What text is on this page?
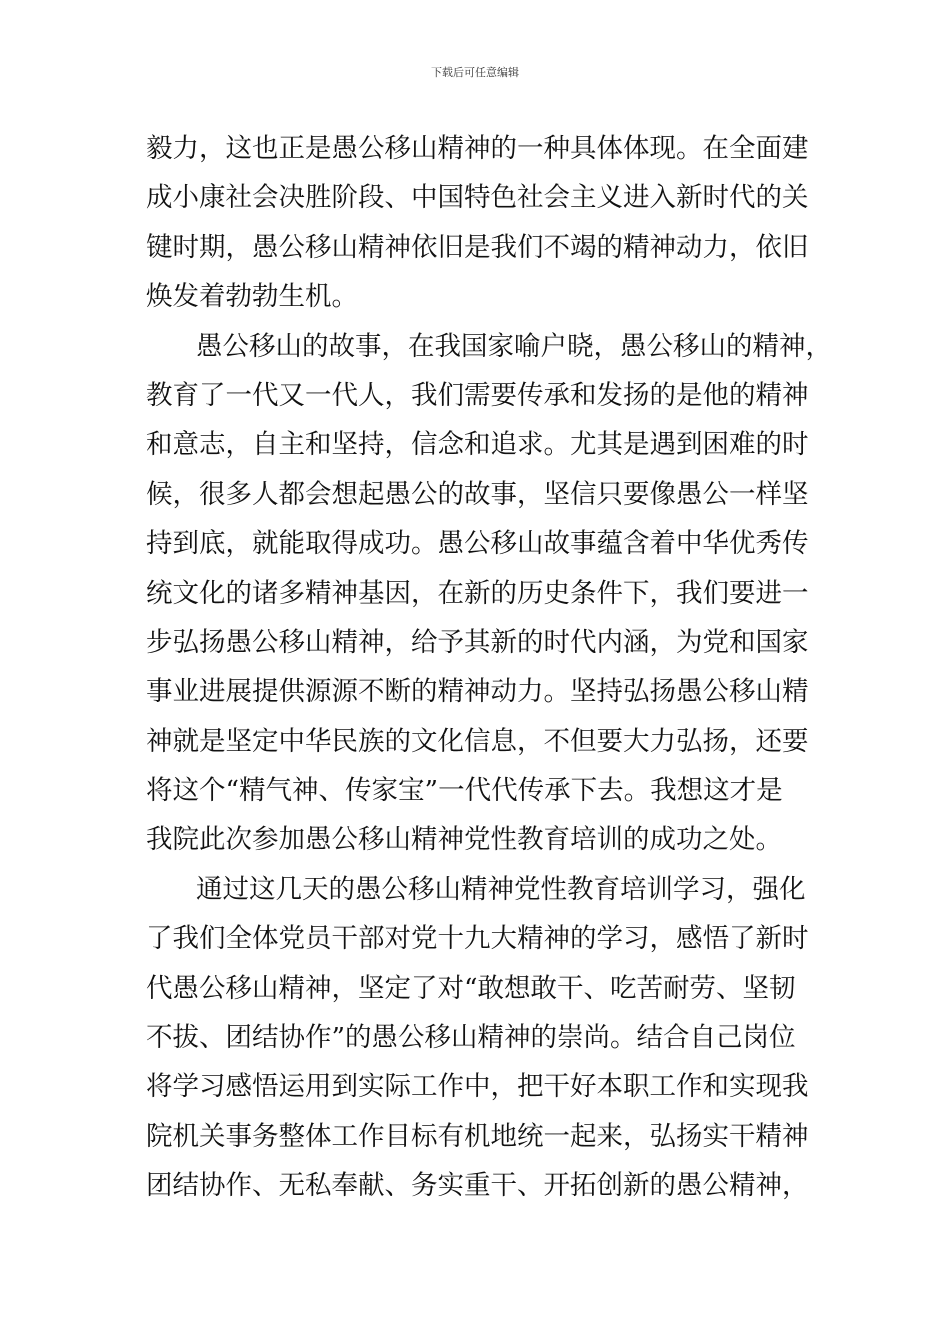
下载后可任意编辑
毅力，这也正是愚公移山精神的一种具体体现。在全面建
成小康社会决胜阶段、中国特色社会主义进入新时代的关
键时期，愚公移山精神依旧是我们不竭的精神动力，依旧
焕发着勃勃生机。
愚公移山的故事，在我国家喻户晓，愚公移山的精神，
教育了一代又一代人，我们需要传承和发扬的是他的精神
和意志，自主和坚持，信念和追求。尤其是遇到困难的时
候，很多人都会想起愚公的故事，坚信只要像愚公一样坚
持到底，就能取得成功。愚公移山故事蕴含着中华优秀传
统文化的诸多精神基因，在新的历史条件下，我们要进一
步弘扬愚公移山精神，给予其新的时代内涵，为党和国家
事业进展提供源源不断的精神动力。坚持弘扬愚公移山精
神就是坚定中华民族的文化信息，不但要大力弘扬，还要
将这个“精气神、传家宝”一代代传承下去。我想这才是
我院此次参加愚公移山精神党性教育培训的成功之处。
通过这几天的愚公移山精神党性教育培训学习，强化
了我们全体党员干部对党十九大精神的学习，感悟了新时
代愚公移山精神，坚定了对“敢想敢干、吃苦耐劳、坚韧
不拔、团结协作”的愚公移山精神的崇尚。结合自己岗位
将学习感悟运用到实际工作中，把干好本职工作和实现我
院机关事务整体工作目标有机地统一起来，弘扬实干精神
团结协作、无私奉献、务实重干、开拓创新的愚公精神，
